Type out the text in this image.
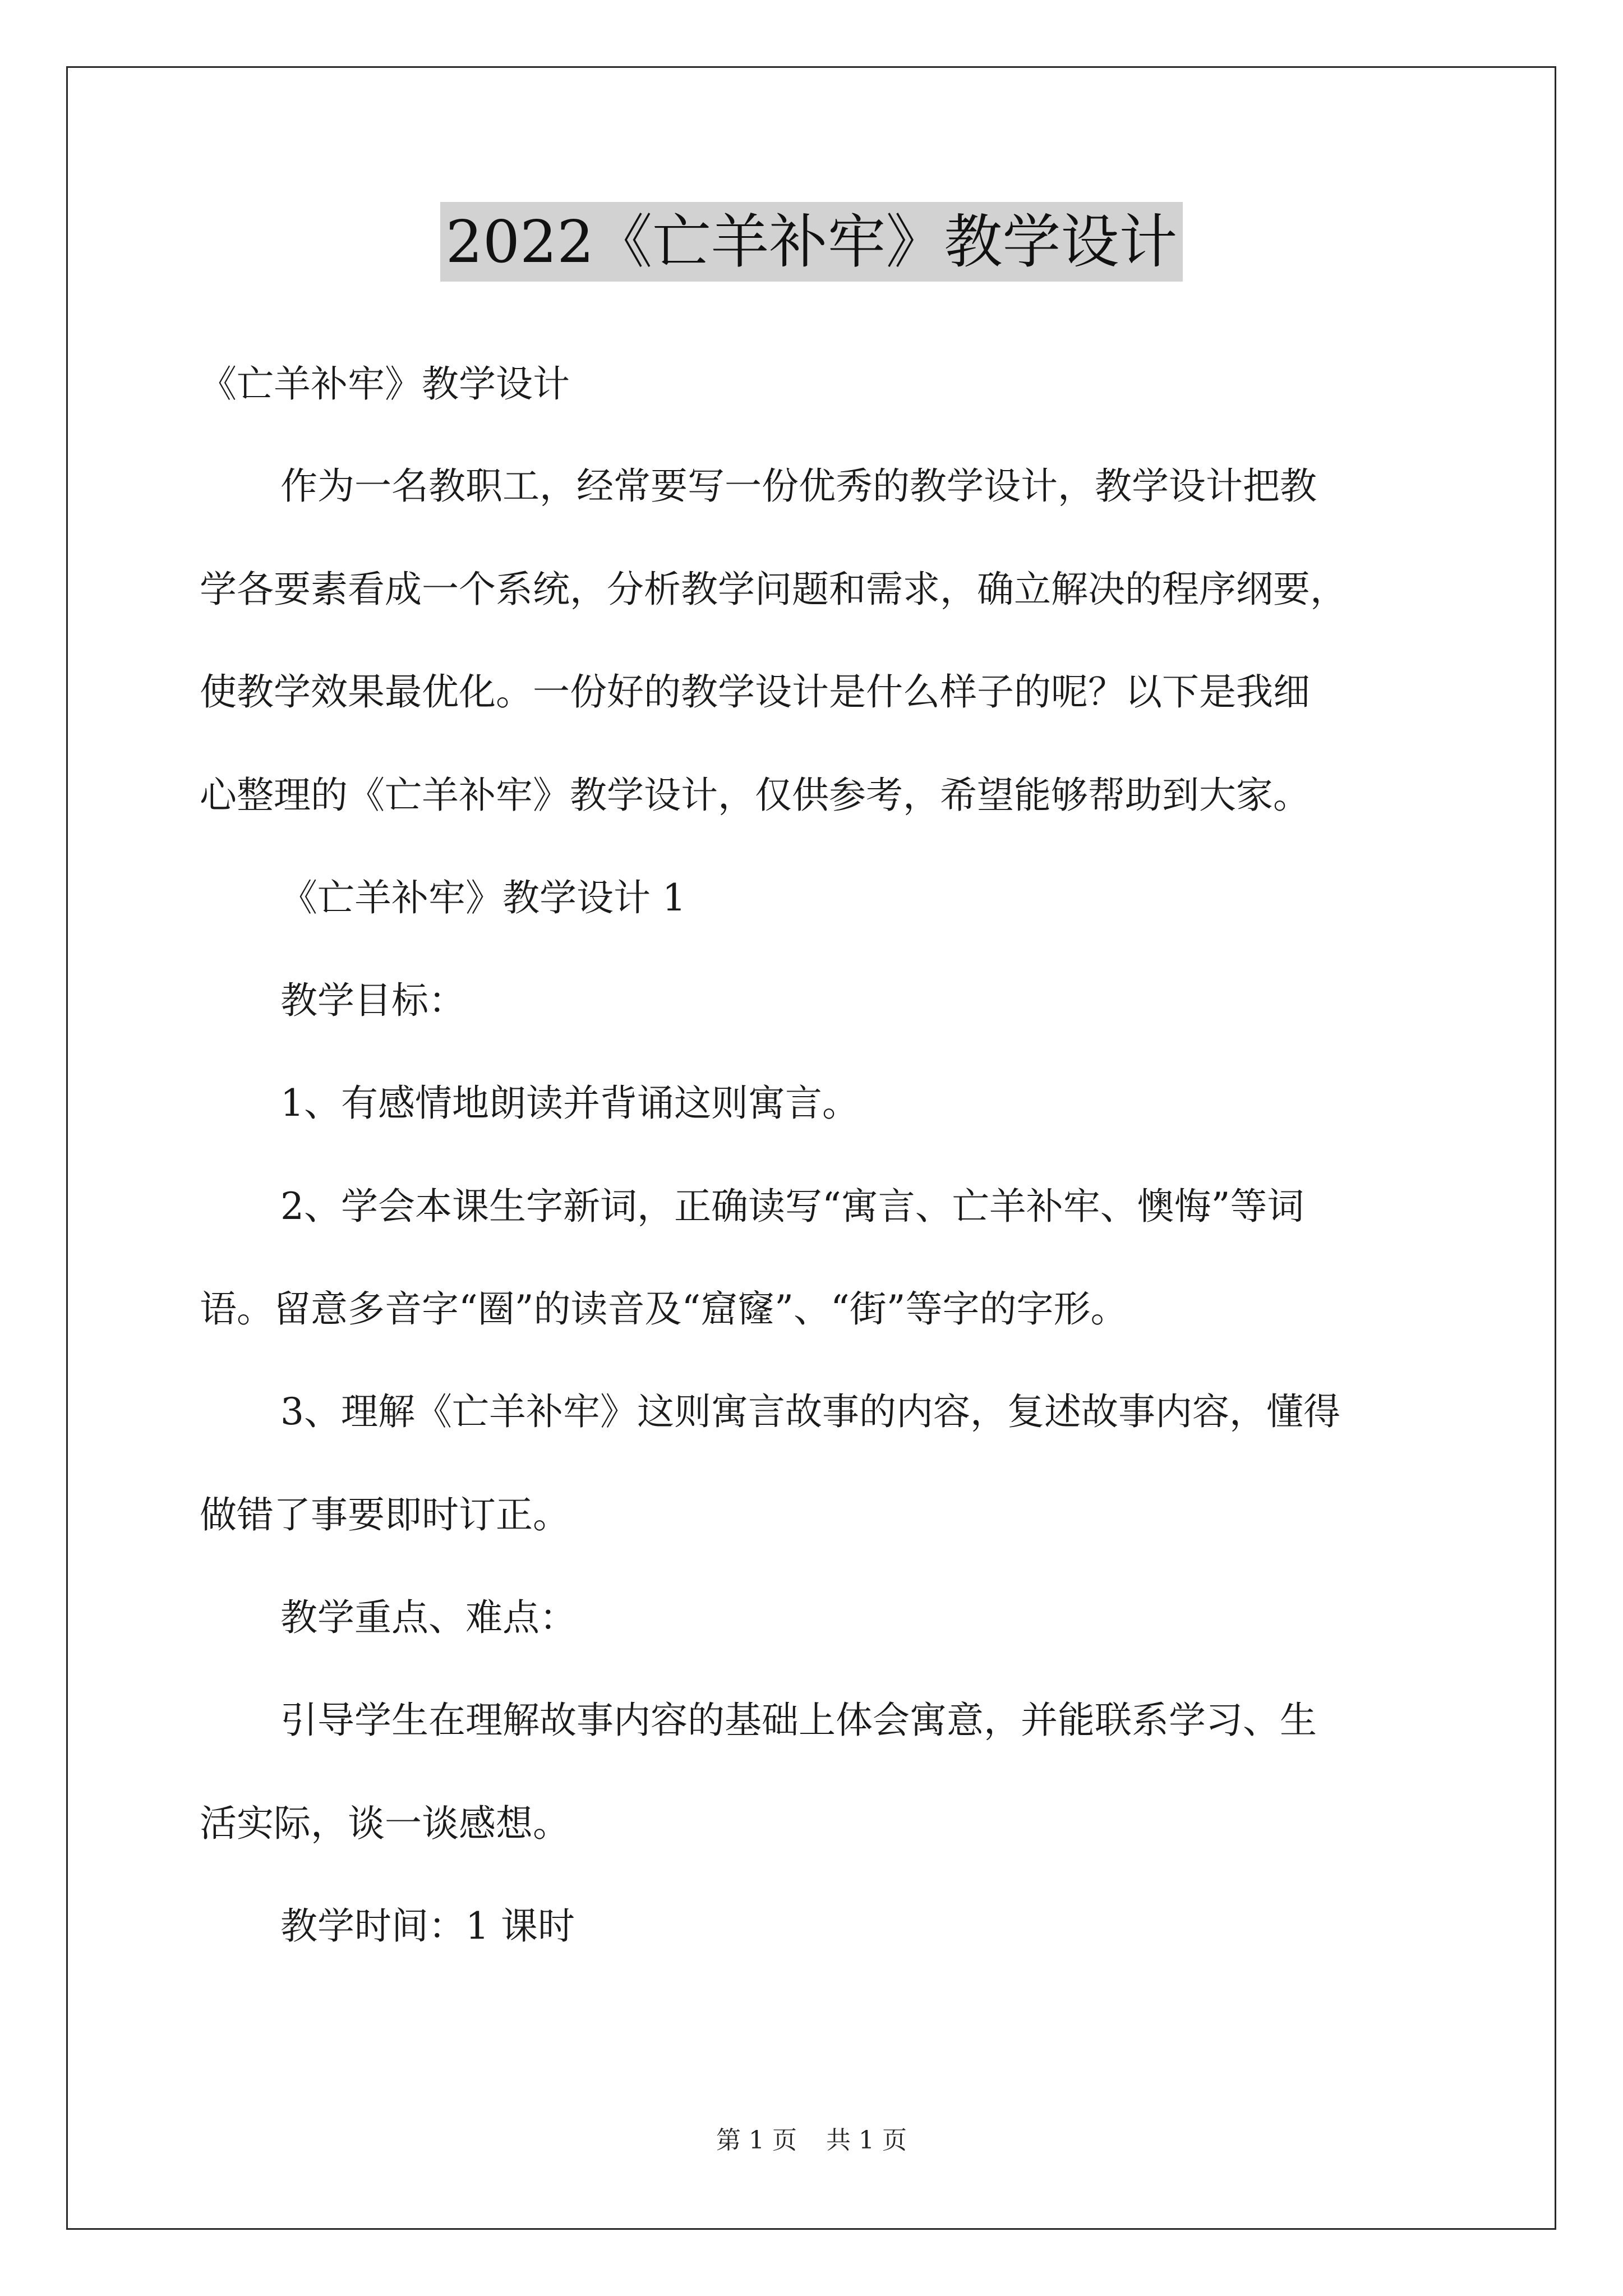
2022《亡羊补牢》教学设计
《亡羊补牢》教学设计
作为一名教职工，经常要写一份优秀的教学设计，教学设计把教
学各要素看成一个系统，分析教学问题和需求，确立解决的程序纲要，
使教学效果最优化。一份好的教学设计是什么样子的呢？以下是我细
心整理的《亡羊补牢》教学设计，仅供参考，希望能够帮助到大家。
《亡羊补牢》教学设计 1
教学目标：
1、有感情地朗读并背诵这则寓言。
2、学会本课生字新词，正确读写“寓言、亡羊补牢、懊悔”等词
语。留意多音字“圈”的读音及“窟窿”、“街”等字的字形。
3、理解《亡羊补牢》这则寓言故事的内容，复述故事内容，懂得
做错了事要即时订正。
教学重点、难点：
引导学生在理解故事内容的基础上体会寓意，并能联系学习、生
活实际，谈一谈感想。
教学时间：1 课时
第 1 页 共 1 页
